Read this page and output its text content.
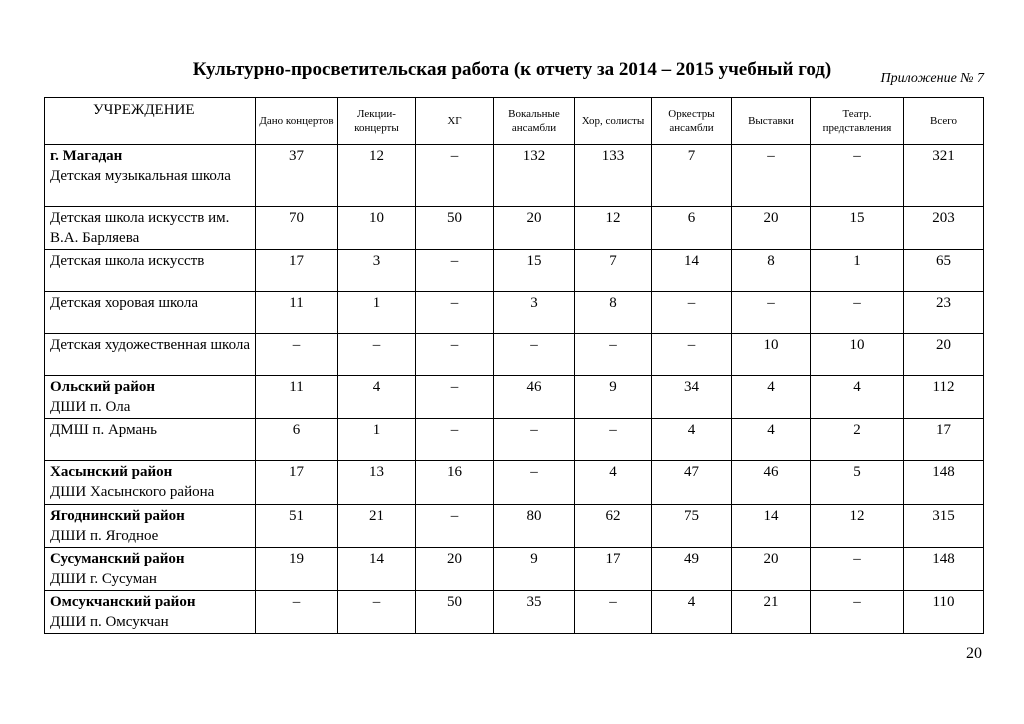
Приложение № 7
Культурно-просветительская работа (к отчету за 2014 – 2015 учебный год)
УЧРЕЖДЕНИЕ	Дано концертов	Лекции-концерты	ХГ	Вокальные ансамбли	Хор, солисты	Оркестры ансамбли	Выставки	Театр. представления	Всего

г. Магадан
Детская музыкальная школа	37	12	–	132	133	7	–	–	321

Детская школа искусств им. В.А. Барляева	70	10	50	20	12	6	20	15	203

Детская школа искусств	17	3	–	15	7	14	8	1	65

Детская хоровая школа	11	1	–	3	8	–	–	–	23

Детская художественная школа	–	–	–	–	–	–	10	10	20

Ольский район
ДШИ п. Ола	11	4	–	46	9	34	4	4	112

ДМШ п. Армань	6	1	–	–	–	4	4	2	17

Хасынский район
ДШИ Хасынского района	17	13	16	–	4	47	46	5	148

Ягоднинский район
ДШИ п. Ягодное	51	21	–	80	62	75	14	12	315

Сусуманский район
ДШИ г. Сусуман	19	14	20	9	17	49	20	–	148

Омсукчанский район
ДШИ п. Омсукчан	–	–	50	35	–	4	21	–	110
20
